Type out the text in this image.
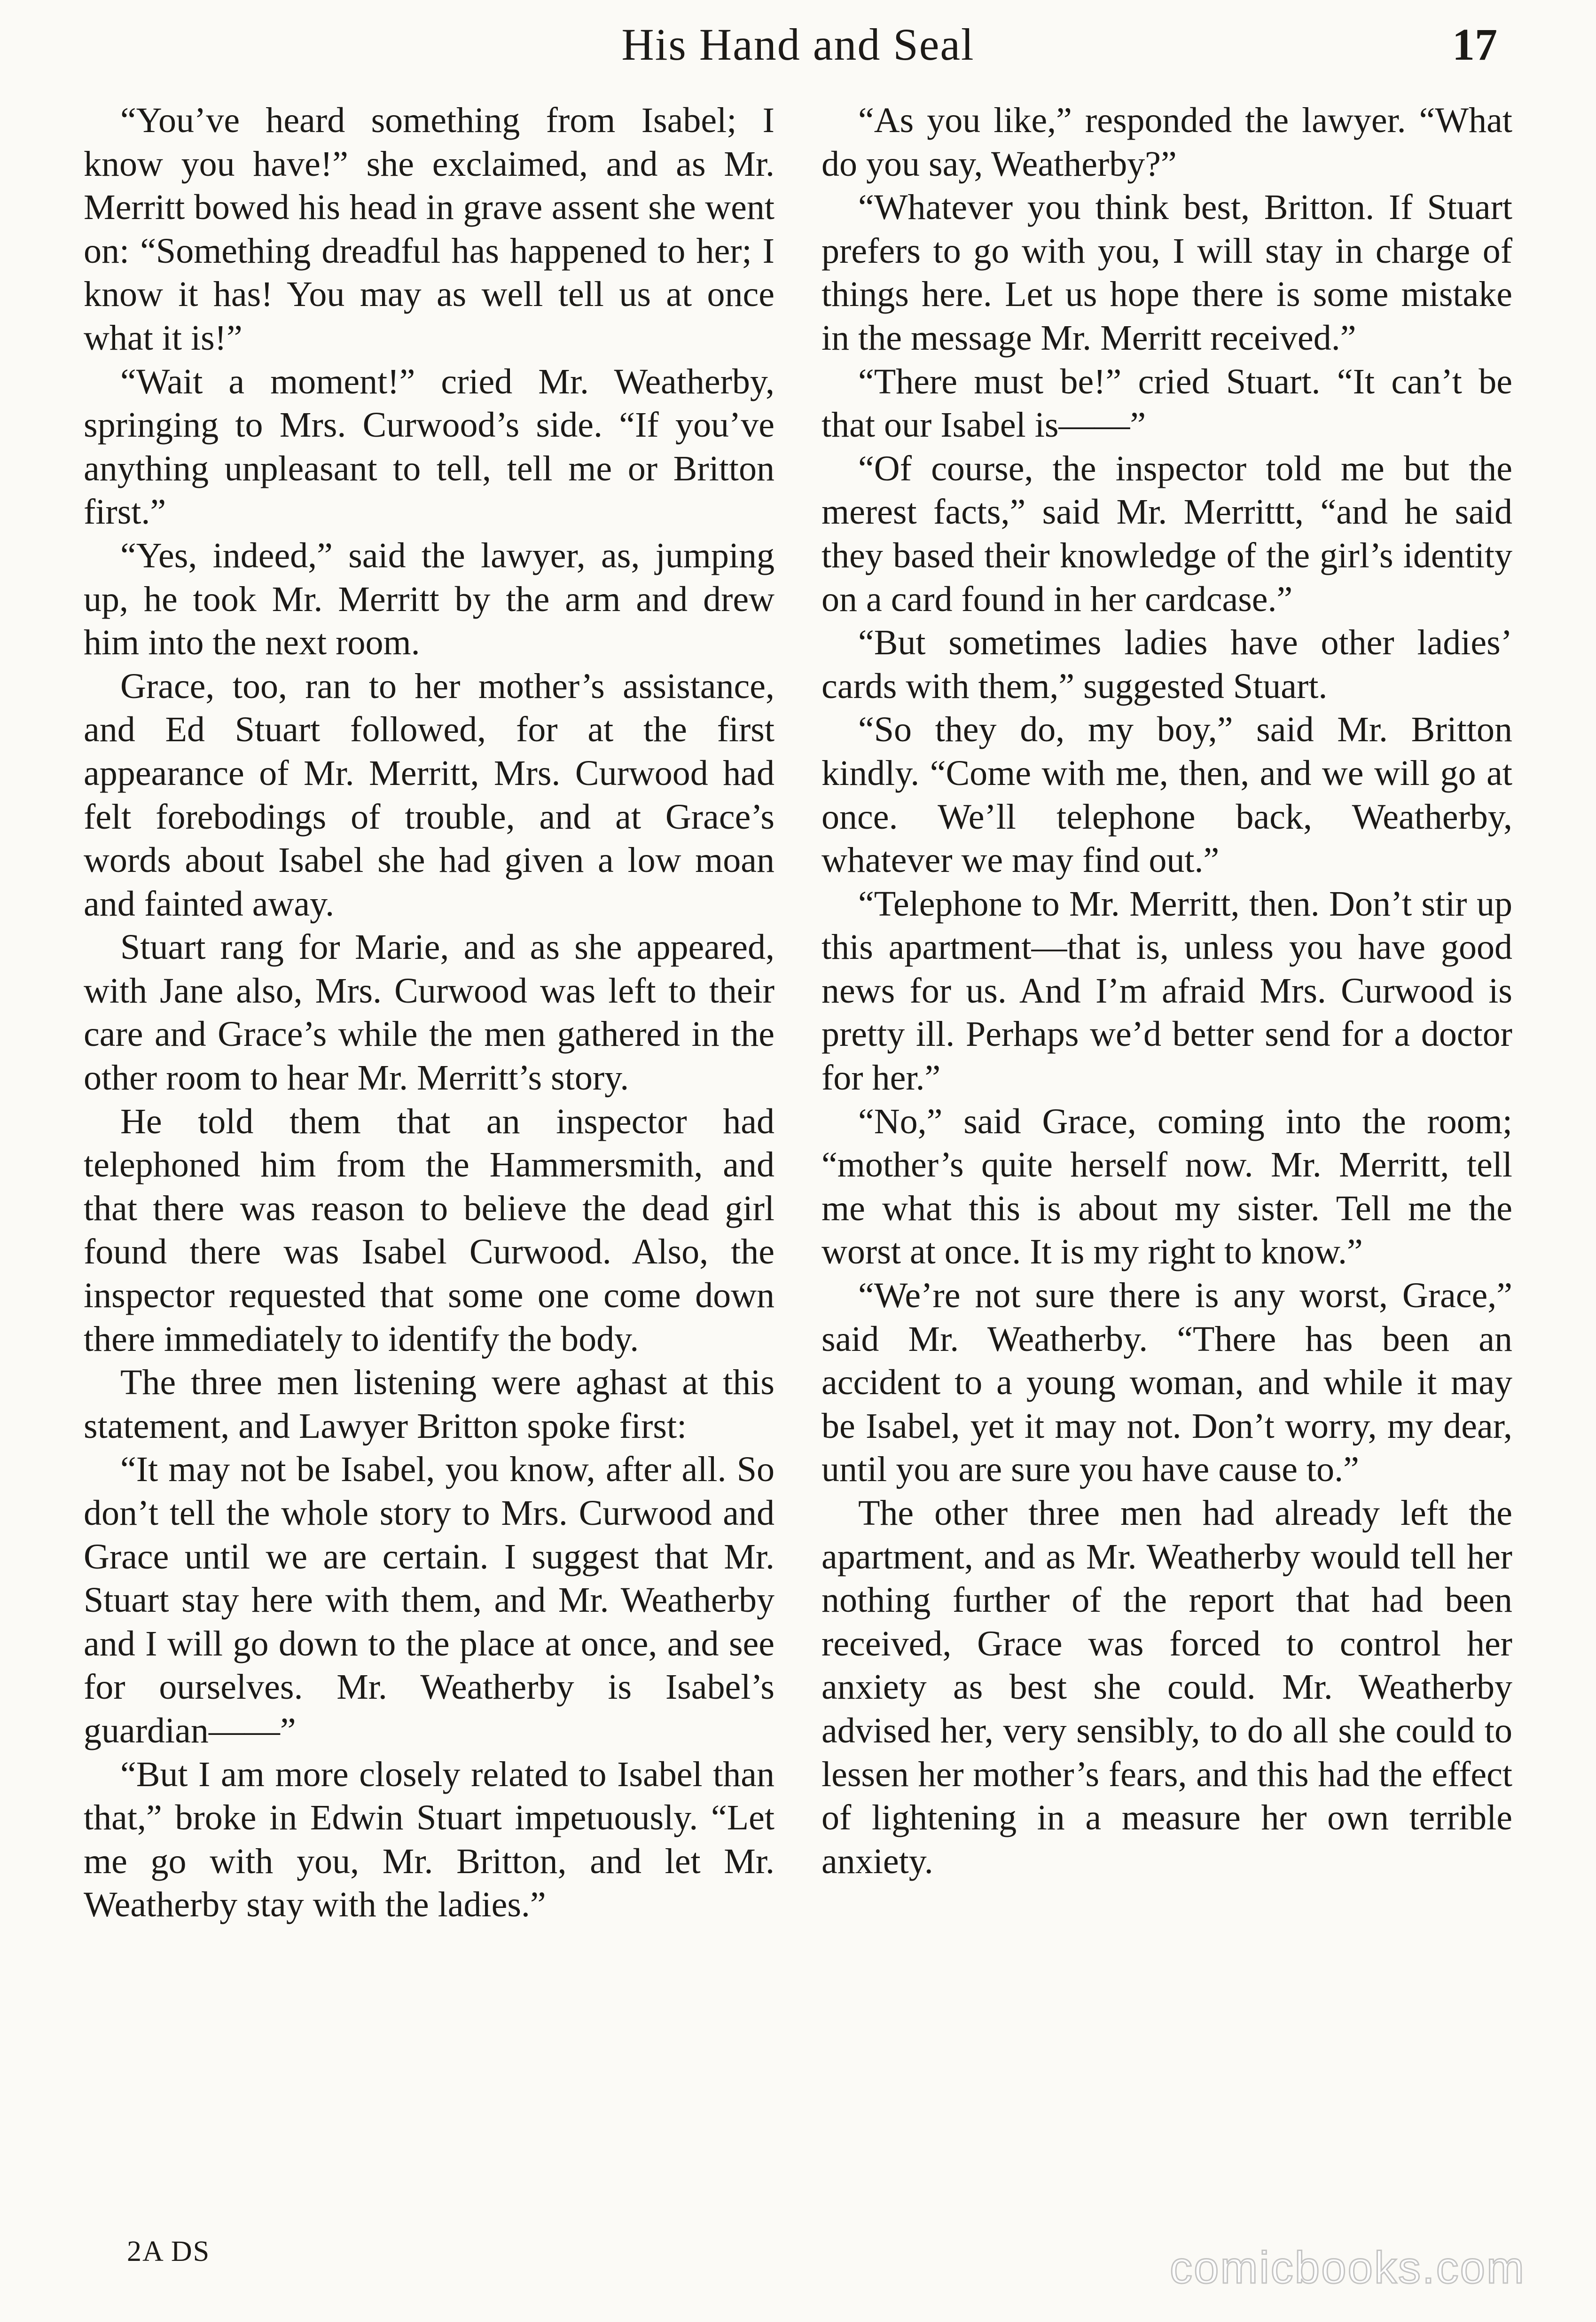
His Hand and Seal	17

“You’ve heard something from Isabel; I know you have!” she exclaimed, and as Mr. Merritt bowed his head in grave assent she went on: “Something dreadful has happened to her; I know it has! You may as well tell us at once what it is!”

“Wait a moment!” cried Mr. Weatherby, springing to Mrs. Curwood’s side. “If you’ve anything unpleasant to tell, tell me or Britton first.”

“Yes, indeed,” said the lawyer, as, jumping up, he took Mr. Merritt by the arm and drew him into the next room.

Grace, too, ran to her mother’s assistance, and Ed Stuart followed, for at the first appearance of Mr. Merritt, Mrs. Curwood had felt forebodings of trouble, and at Grace’s words about Isabel she had given a low moan and fainted away.

Stuart rang for Marie, and as she appeared, with Jane also, Mrs. Curwood was left to their care and Grace’s while the men gathered in the other room to hear Mr. Merritt’s story.

He told them that an inspector had telephoned him from the Hammersmith, and that there was reason to believe the dead girl found there was Isabel Curwood. Also, the inspector requested that some one come down there immediately to identify the body.

The three men listening were aghast at this statement, and Lawyer Britton spoke first:

“It may not be Isabel, you know, after all. So don’t tell the whole story to Mrs. Curwood and Grace until we are certain. I suggest that Mr. Stuart stay here with them, and Mr. Weatherby and I will go down to the place at once, and see for ourselves. Mr. Weatherby is Isabel’s guardian——”

“But I am more closely related to Isabel than that,” broke in Edwin Stuart impetuously. “Let me go with you, Mr. Britton, and let Mr. Weatherby stay with the ladies.”

“As you like,” responded the lawyer. “What do you say, Weatherby?”

“Whatever you think best, Britton. If Stuart prefers to go with you, I will stay in charge of things here. Let us hope there is some mistake in the message Mr. Merritt received.”

“There must be!” cried Stuart. “It can’t be that our Isabel is——”

“Of course, the inspector told me but the merest facts,” said Mr. Merrittt, “and he said they based their knowledge of the girl’s identity on a card found in her cardcase.”

“But sometimes ladies have other ladies’ cards with them,” suggested Stuart.

“So they do, my boy,” said Mr. Britton kindly. “Come with me, then, and we will go at once. We’ll telephone back, Weatherby, whatever we may find out.”

“Telephone to Mr. Merritt, then. Don’t stir up this apartment—that is, unless you have good news for us. And I’m afraid Mrs. Curwood is pretty ill. Perhaps we’d better send for a doctor for her.”

“No,” said Grace, coming into the room; “mother’s quite herself now. Mr. Merritt, tell me what this is about my sister. Tell me the worst at once. It is my right to know.”

“We’re not sure there is any worst, Grace,” said Mr. Weatherby. “There has been an accident to a young woman, and while it may be Isabel, yet it may not. Don’t worry, my dear, until you are sure you have cause to.”

The other three men had already left the apartment, and as Mr. Weatherby would tell her nothing further of the report that had been received, Grace was forced to control her anxiety as best she could. Mr. Weatherby advised her, very sensibly, to do all she could to lessen her mother’s fears, and this had the effect of lightening in a measure her own terrible anxiety.

2A DS	comicbooks.com
